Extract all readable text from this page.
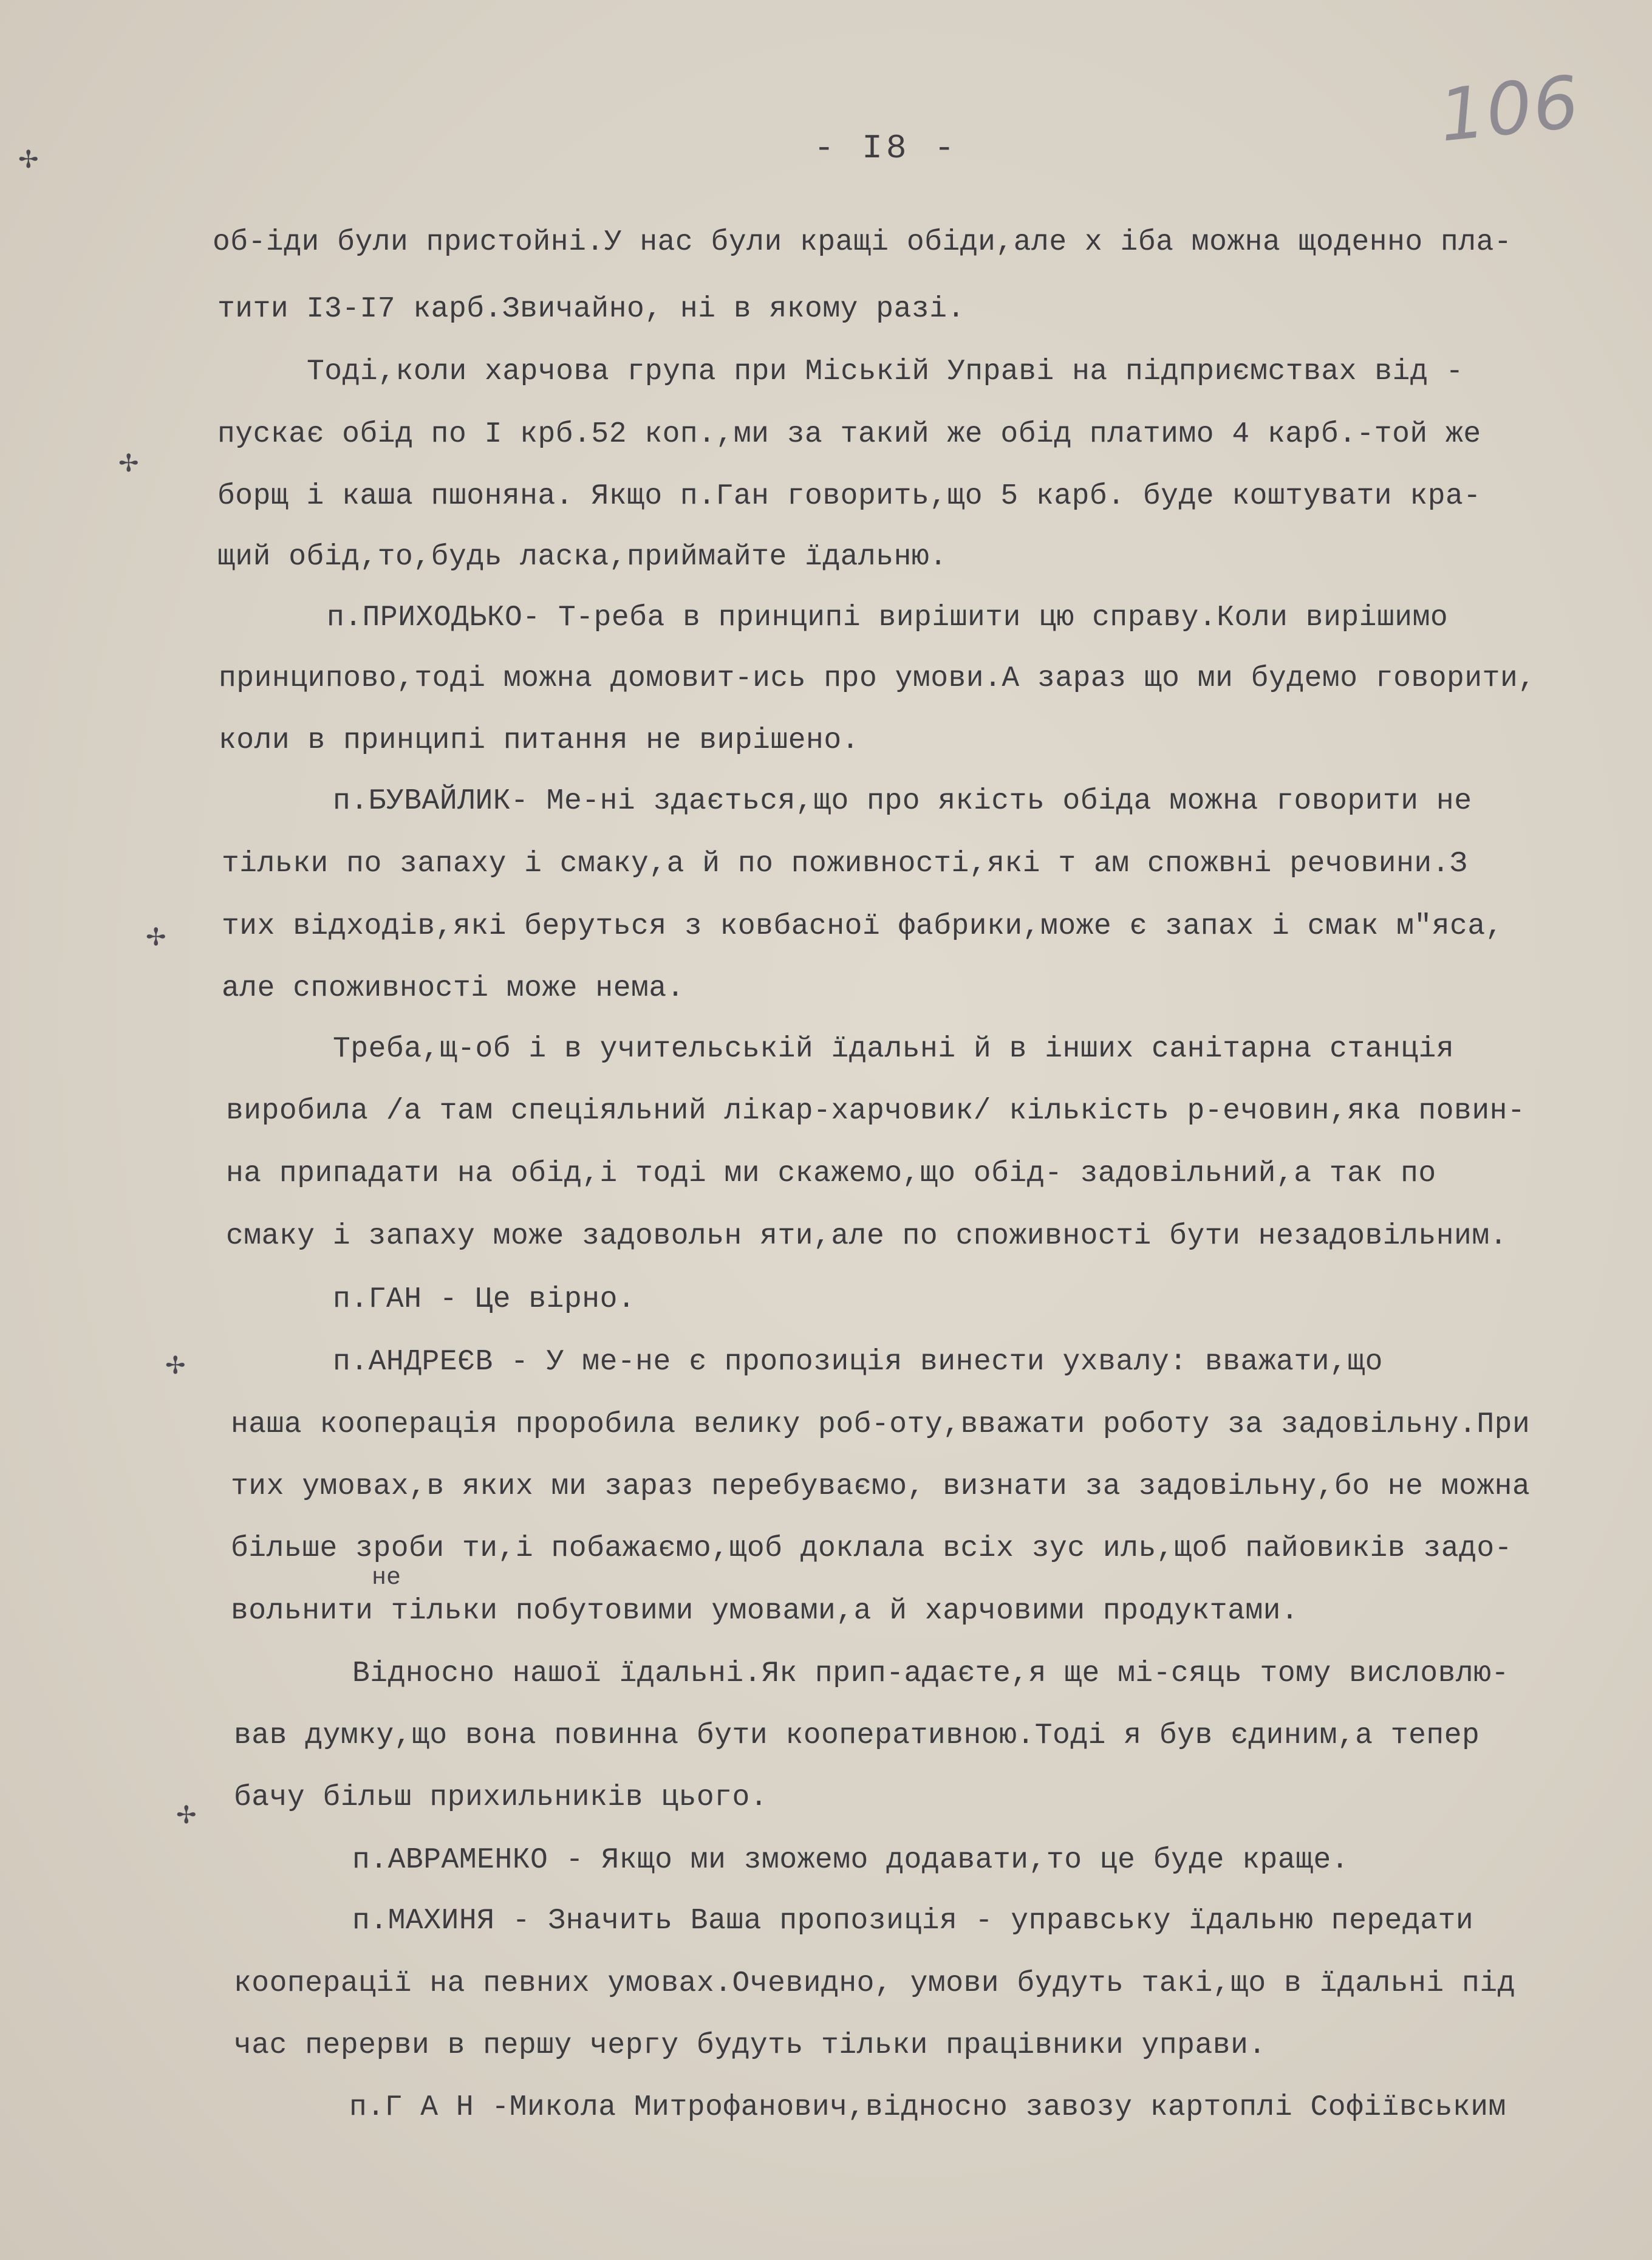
106
- I8 -
об-іди були пристойні.У нас були кращі обіди,але х іба можна щоденно пла-
тити I3-I7 карб.Звичайно, ні в якому разі.
Тоді,коли харчова група при Міській Управі на підприємствах від -
пускає обід по I крб.52 коп.,ми за такий же обід платимо 4 карб.-той же
борщ і каша пшоняна. Якщо п.Ган говорить,що 5 карб. буде коштувати кра-
щий обід,то,будь ласка,приймайте їдальню.
п.ПРИХОДЬКО- Т-реба в принципі вирішити цю справу.Коли вирішимо
принципово,тоді можна домовит-ись про умови.А зараз що ми будемо говорити,
коли в принципі питання не вирішено.
п.БУВАЙЛИК- Ме-ні здається,що про якість обіда можна говорити не
тільки по запаху і смаку,а й по поживності,які т ам спожвні речовини.З
тих відходів,які беруться з ковбасної фабрики,може є запах і смак м"яса,
але споживності може нема.
Треба,щ-об і в учительській їдальні й в інших санітарна станція
виробила /а там спеціяльний лікар-харчовик/ кількість р-ечовин,яка повин-
на припадати на обід,і тоді ми скажемо,що обід- задовільний,а так по
смаку і запаху може задовольн яти,але по споживності бути незадовільним.
п.ГАН - Це вірно.
п.АНДРЕЄВ - У ме-не є пропозиція винести ухвалу: вважати,що
наша кооперація проробила велику роб-оту,вважати роботу за задовільну.При
тих умовах,в яких ми зараз перебуваємо, визнати за задовільну,бо не можна
більше зроби ти,і побажаємо,щоб доклала всіх зус иль,щоб пайовиків задо-
не
вольнити тільки побутовими умовами,а й харчовими продуктами.
Відносно нашої їдальні.Як прип-адаєте,я ще мі-сяць тому висловлю-
вав думку,що вона повинна бути кооперативною.Тоді я був єдиним,а тепер
бачу більш прихильників цього.
п.АВРАМЕНКО - Якщо ми зможемо додавати,то це буде краще.
п.МАХИНЯ - Значить Ваша пропозиція - управську їдальню передати
кооперації на певних умовах.Очевидно, умови будуть такі,що в їдальні під
час перерви в першу чергу будуть тільки працівники управи.
п.Г А Н -Микола Митрофанович,відносно завозу картоплі Софіївським
✢
✢
✢
✢
✢
